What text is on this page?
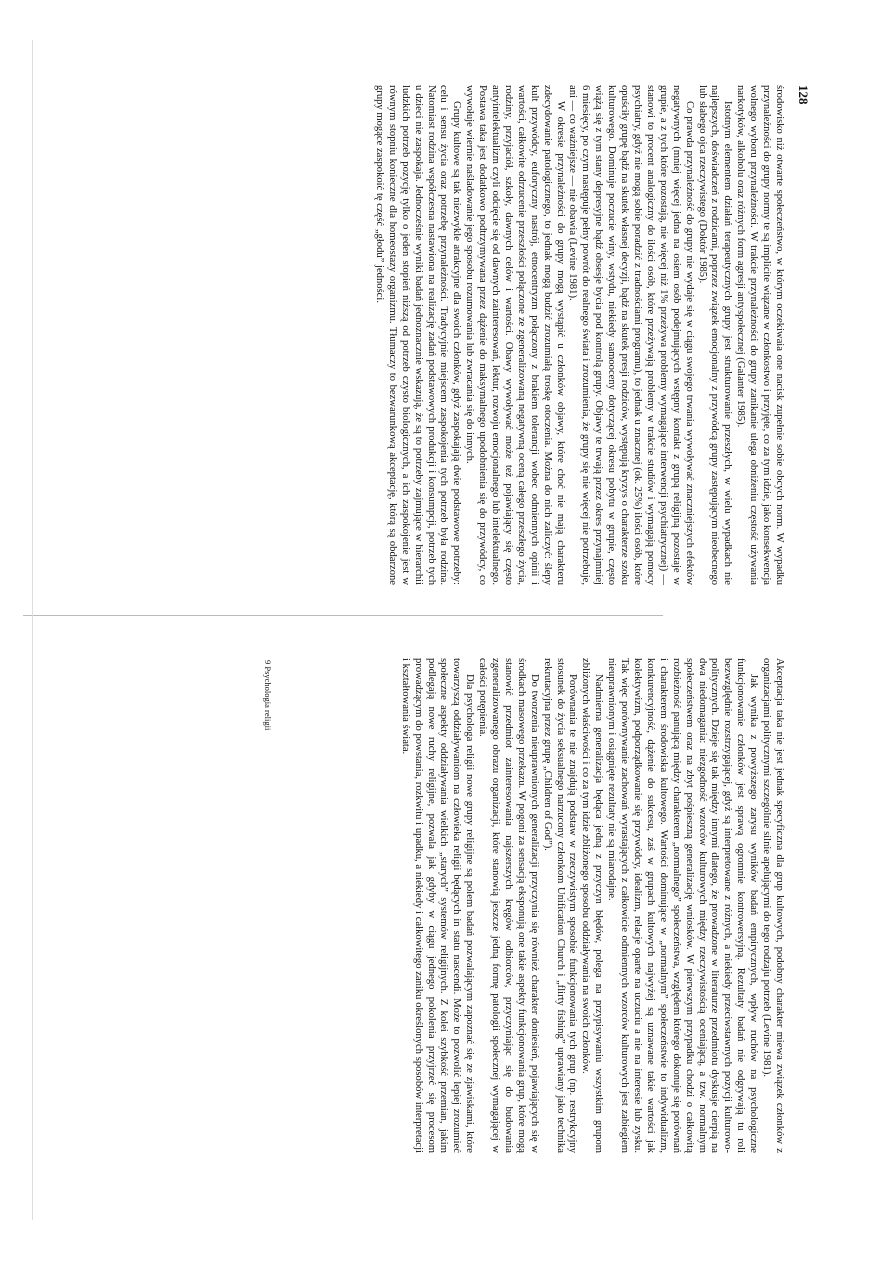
128

środowisko niż otwarte społeczeństwo, w którym oczekiwaia one nacisk zupełnie sobie obcych norm. W wypadku przynależności do grupy normy te są implicite wiązane w członkostwo i przyjęte, co za tym idzie, jako konsekwencja wolnego wyboru przynależności. W trakcie przynależności do grupy zanikanie ulega obniżeniu częstość używania narkotyków, alkoholu oraz różnych form agresji antyspołecznej (Galanter 1985).

Istotnym elementem działań terapeutycznych grupy jest strukturowanie przeszłych, w wielu wypadkach nie najlepszych, doświadczeń z rodzicami, poprzez związek emocjonalny z przywódcą grupy zastępującym nieobecnego lub słabego ojca rzeczywistego (Doktór 1985).

Co prawda przynależność do grupy nie wydaje się w ciągu swojego trwania wywoływać znaczniejszych efektów negatywnych (mniej więcej jedna na osiem osób podejmujących wstępny kontakt z grupą religijną pozostaje w grupie, a z tych które pozostają, nie więcej niż 1% przeżywa problemy wymagające interwencji psychiatrycznej) — stanowi to procent analogiczny do ilości osób, które przeżywają problemy w trakcie studiów i wymagają pomocy psychiatry, gdyż nie mogą sobie poradzić z tradnościami programu), to jednak u znacznej (ok. 25%) ilości osób, które opuściły grupę bądź na skutek własnej decyzji, bądź na skutek presji rodziców, występują kryzys o charakterze szoku kulturowego. Dominuje poczucie winy, wstydu, niekiedy samooceny dotyczącej okresu pobytu w grupie, często wiążą się z tym stany depresyjne bądź obsesje bycia pod kontrolą grupy. Objawy te trwają przez okres przynajmniej 6 miesięcy, po czym następuje pełny powrót do realnego świata i zrozumienia, że grupy się nie więcej nie potrzebuje, ani — co ważniejsze — nie obawia (Levine 1981).

W okresie przynależności do grupy mogą wystąpić u członków objawy, które choć nie mają charakteru zdecydowanie patologicznego, to jednak mogą budzić zrozumiałą troskę otoczenia. Można do nich zaliczyć: ślepy kult przywódcy, euforyczny nastrój, etnocentryzm połączony z brakiem tolerancji wobec odmiennych opinii i wartości, całkowite odrzucenie przeszłości połączone ze zgeneralizowaną negatywną oceną całego przeszłego życia, rodziny, przyjaciół, szkoły, dawnych celów i wartości. Obawy wywoływać może też pojawiający się często antyintelektualizm czyli odcięcie się od dawnych zainteresowań, lektur, rozwoju emocjonalnego lub intelektualnego. Postawa taka jest dodatkowo podtrzymywana przez dążenie do maksymalnego upodobnienia się do przywódcy, co wywołuje wiernie naśladowanie jego sposobu rozumowania lub zwracania się do innych.

Grupy kultowe są tak niezwykle atrakcyjne dla swoich członków, gdyż zaspokajają dwie podstawowe potrzeby: celu i sensu życia oraz potrzebę przynależności. Tradycyjnie miejscem zaspokojenia tych potrzeb była rodzina. Natomiast rodzina współczesna nastawiona na realizację zadań podstawowych produkcji i konsumpcji, potrzeb tych u dzieci nie zaspokaja. Jednocześnie wyniki badań jednoznacznie wskazują, że są to potrzeby zajmujące w hierarchii ludzkich potrzeb pozycję tylko o jeden stopień niższą od potrzeb czysto biologicznych, a ich zaspokojenie jest w równym stopniu konieczne dla homeostazy organizmu. Tłumaczy to bezwarunkową akceptację, którą są obdarzone grupy mogące zaspokoić tę część „głodu” jedności.

Akceptacja taka nie jest jednak specyficzna dla grup kultowych, podobny charakter miewa związek członków z organizacjami politycznymi szczególnie silnie apelującymi do tego rodzaju potrzeb (Levine 1981).

Jak wynika z powyższego zarysu wyników badań empirycznych, wpływ ruchów na psychologiczne funkcjonowanie członków jest sprawą ogromnie kontrowersyjną. Rezultaty badań nie odgrywają tu roli bezwzględnie rozstrzygającej, gdyż są interpretowane z różnych, a niekiedy przeciwstawnych pozycji kulturowo-politycznych. Dzieje się tak między innymi dlatego, że prowadzone w literaturze przedmiotu dyskusje cierpią na dwa niedomagania: niezgodność wzorców kulturowych między rzeczywistością oceniającą, a tzw. normalnym społeczeństwem oraz na zbyt pośpieszną generalizację wniosków. W pierwszym przypadku chodzi o całkowitą rozbieżność panującą między charakterem „normalnego” społeczeństwa, względem którego dokonuje się porównań i charakterem środowiska kultowego. Wartości dominujące w „normalnym” społeczeństwie to indywidualizm, konkurencyjność, dążenie do sukcesu, zaś w grupach kultowych najwyżej są uznawane takie wartości jak kolektywizm, podporządkowanie się przywódcy, idealizm, relacje oparte na uczuciu a nie na interesie lub zysku. Tak więc porównywanie zachowań wyrastających z całkowicie odmiennych wzorców kulturowych jest zabiegiem nieuprawnionym i osiągnięte rezultaty nie są miarodajne.

Nadmierna generalizacja będąca jedną z przyczyn błędów, polega na przypisywaniu wszystkim grupom zbliżonych właściwości i co za tym idzie zbliżonego sposobu oddziaływania na swoich członków.

Porównania te nie znajdują podstaw w rzeczywistym sposobie funkcjonowania tych grup (np. restrykcyjny stosunek do życia seksualnego narzucony członkom Unification Church i „flirty fishing” uprawiany jako technika rekrutacyjna przez grupę „Children of God”).

Do tworzenia nieuprawnionych generalizacji przyczynia się również charakter doniesień, pojawiających się w środkach masowego przekazu. W pogoni za sensacją eksponują one takie aspekty funkcjonowania grup, które mogą stanowić przedmiot zainteresowania najszerszych kręgów odbiorców, przyczyniając się do budowania zgeneralizowanego obrazu organizacji, które stanowią jeszcze jedną formę patologii społecznej wymagającej w całości potępienia.

Dla psychologa religii nowe grupy religijne są polem badań pozwalającym zapoznać się ze zjawiskami, które towarzyszą oddziaływaniom na człowieka religii będących in statu nascendi. Może to pozwolić lepiej zrozumieć społeczne aspekty oddziaływania wielkich „starych” systemów religijnych. Z kolei szybkość przemian, jakim podlegają nowe ruchy religijne, pozwala jak gdyby w ciągu jednego pokolenia przyjrzeć się procesom prowadzącym do powstania, rozkwitu i upadku, a niekiedy i całkowitego zaniku określonych sposobów interpretacji i kształtowania świata.

9 Psychologia religii
